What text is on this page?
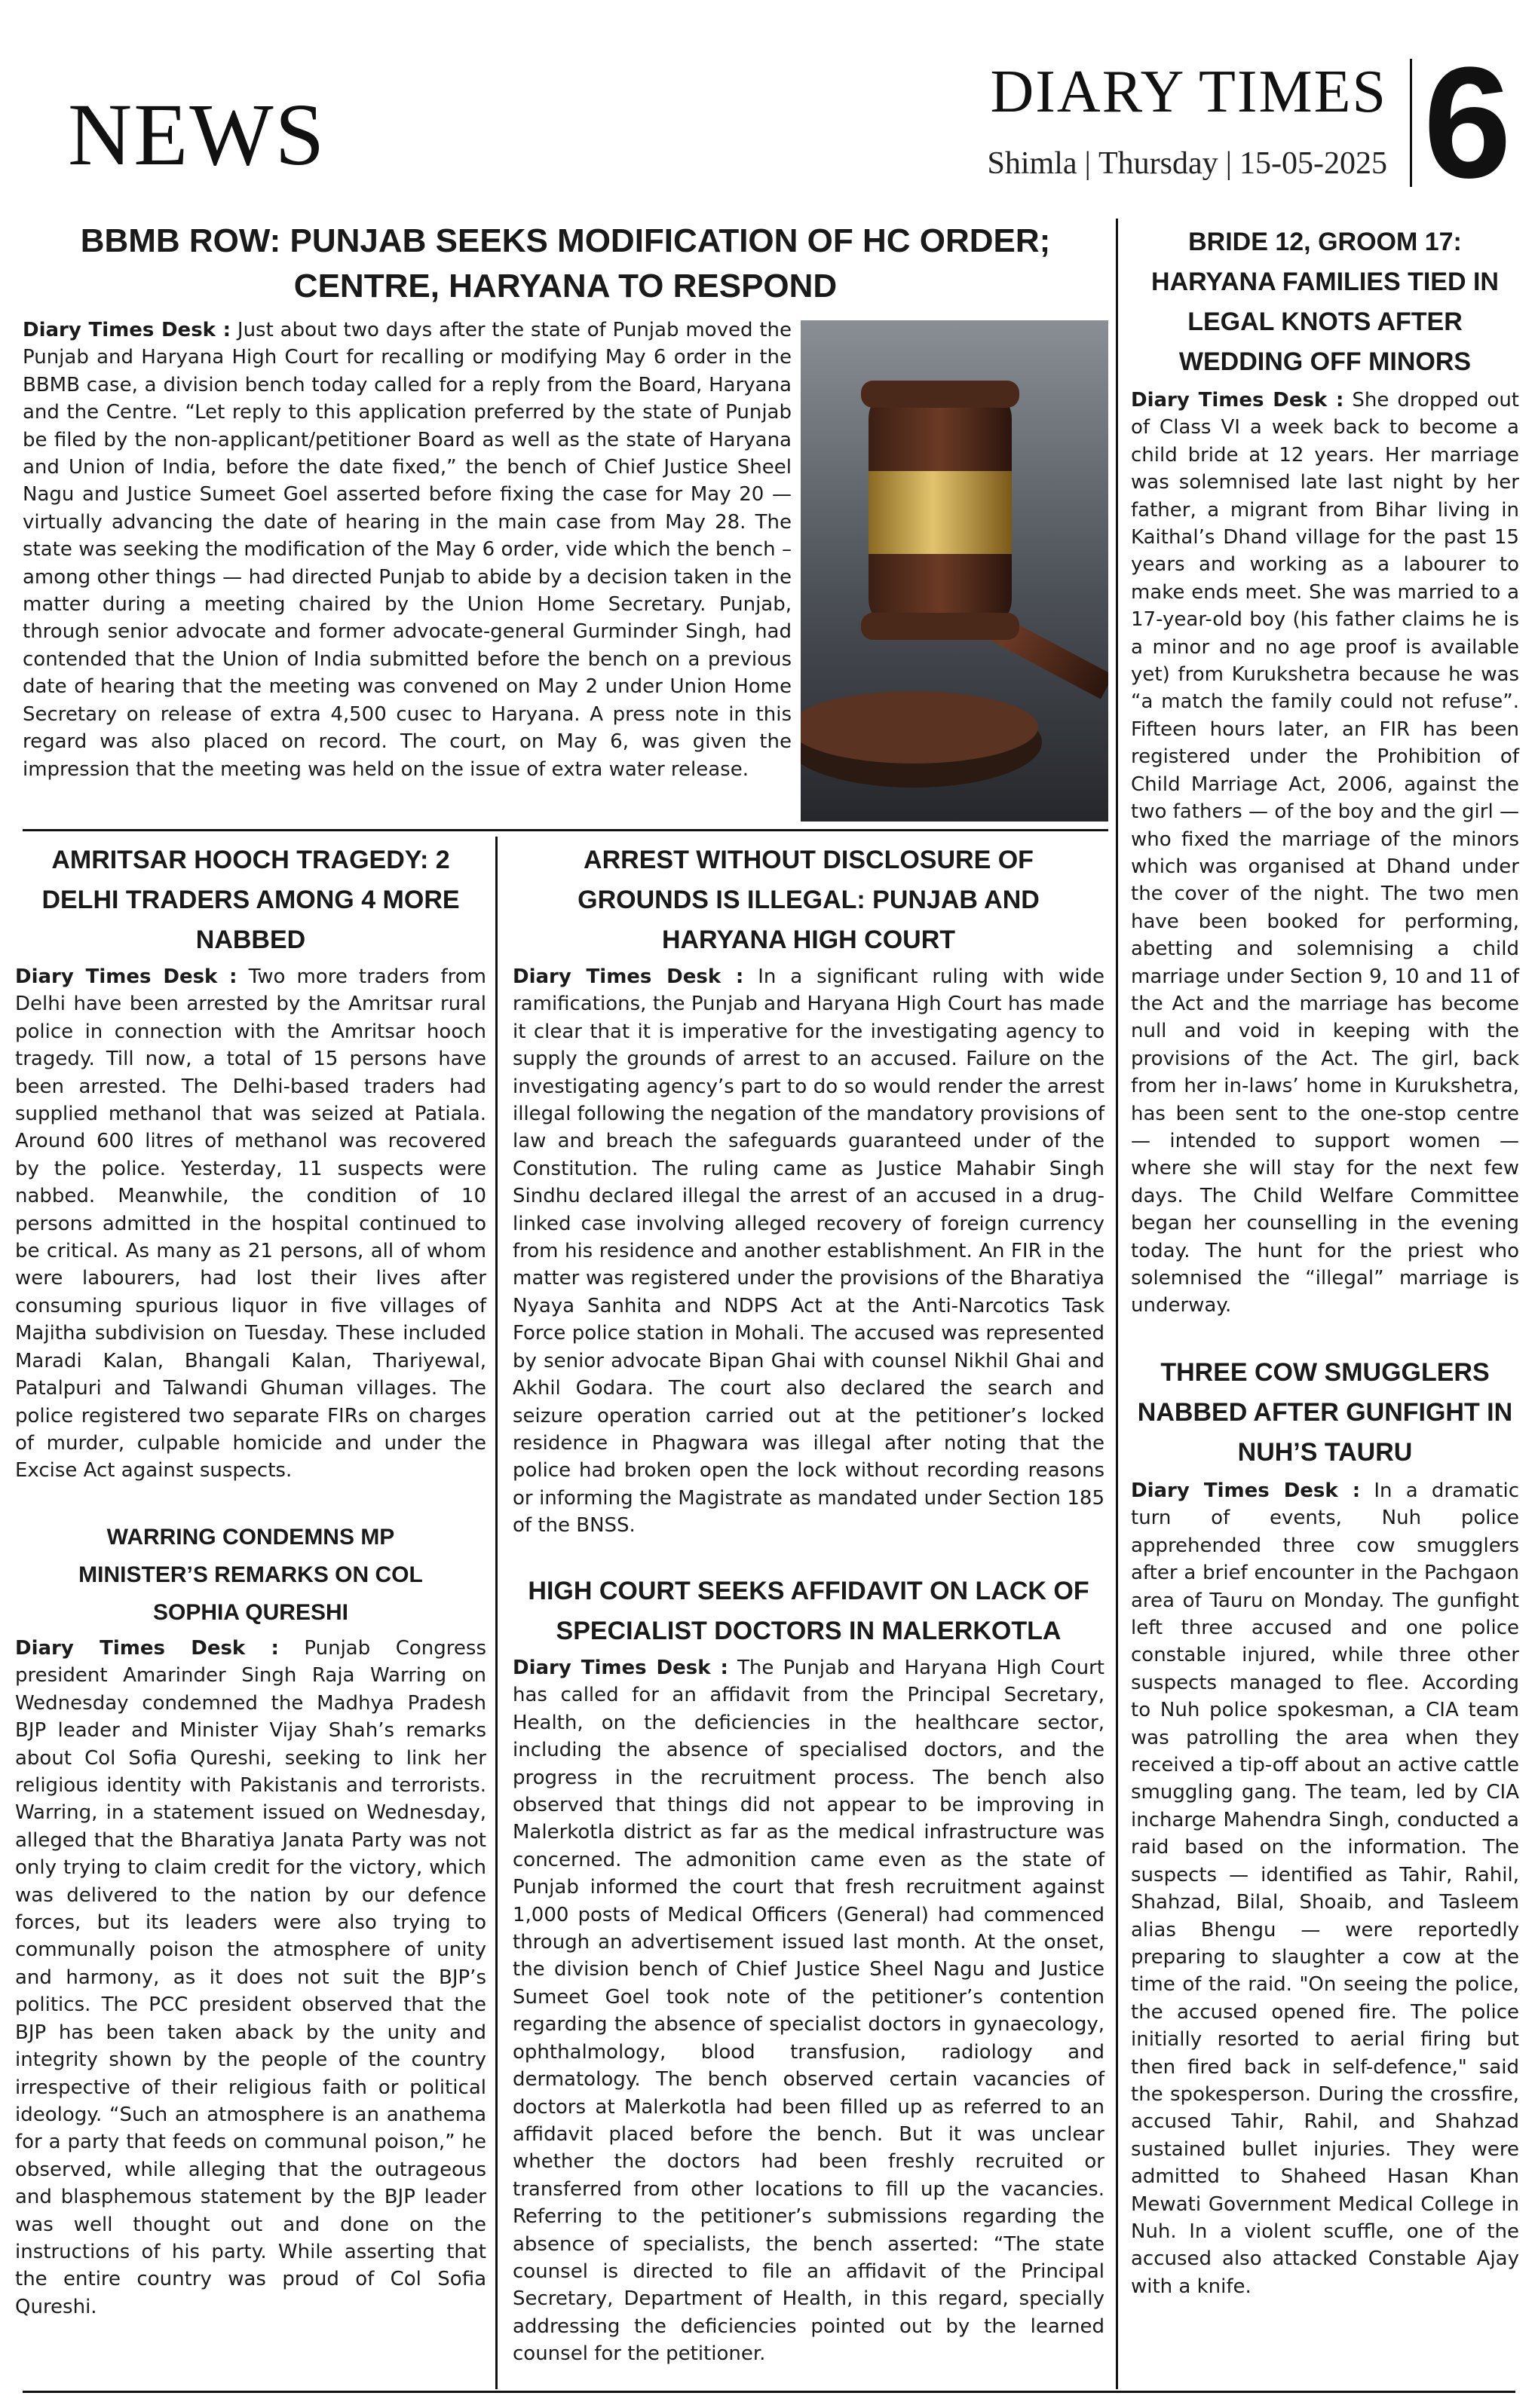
NEWS	DIARY TIMES
Shimla | Thursday | 15-05-2025 6
BBMB ROW: PUNJAB SEEKS MODIFICATION OF HC ORDER;
CENTRE, HARYANA TO RESPOND

Diary Times Desk : Just about two days after the state of Punjab moved the Punjab and Haryana High Court for recalling or modifying May 6 order in the BBMB case, a division bench today called for a reply from the Board, Haryana and the Centre. “Let reply to this application preferred by the state of Punjab be filed by the non-applicant/petitioner Board as well as the state of Haryana and Union of India, before the date fixed,” the bench of Chief Justice Sheel Nagu and Justice Sumeet Goel asserted before fixing the case for May 20 — virtually advancing the date of hearing in the main case from May 28. The state was seeking the modification of the May 6 order, vide which the bench – among other things — had directed Punjab to abide by a decision taken in the matter during a meeting chaired by the Union Home Secretary. Punjab, through senior advocate and former advocate-general Gurminder Singh, had contended that the Union of India submitted before the bench on a previous date of hearing that the meeting was convened on May 2 under Union Home Secretary on release of extra 4,500 cusec to Haryana. A press note in this regard was also placed on record. The court, on May 6, was given the impression that the meeting was held on the issue of extra water release.

BRIDE 12, GROOM 17: HARYANA FAMILIES TIED IN LEGAL KNOTS AFTER WEDDING OFF MINORS

Diary Times Desk : She dropped out of Class VI a week back to become a child bride at 12 years. Her marriage was solemnised late last night by her father, a migrant from Bihar living in Kaithal’s Dhand village for the past 15 years and working as a labourer to make ends meet. She was married to a 17-year-old boy (his father claims he is a minor and no age proof is available yet) from Kurukshetra because he was “a match the family could not refuse”. Fifteen hours later, an FIR has been registered under the Prohibition of Child Marriage Act, 2006, against the two fathers — of the boy and the girl — who fixed the marriage of the minors which was organised at Dhand under the cover of the night. The two men have been booked for performing, abetting and solemnising a child marriage under Section 9, 10 and 11 of the Act and the marriage has become null and void in keeping with the provisions of the Act. The girl, back from her in-laws’ home in Kurukshetra, has been sent to the one-stop centre — intended to support women — where she will stay for the next few days. The Child Welfare Committee began her counselling in the evening today. The hunt for the priest who solemnised the “illegal” marriage is underway.

THREE COW SMUGGLERS NABBED AFTER GUNFIGHT IN NUH’S TAURU

Diary Times Desk : In a dramatic turn of events, Nuh police apprehended three cow smugglers after a brief encounter in the Pachgaon area of Tauru on Monday. The gunfight left three accused and one police constable injured, while three other suspects managed to flee. According to Nuh police spokesman, a CIA team was patrolling the area when they received a tip-off about an active cattle smuggling gang. The team, led by CIA incharge Mahendra Singh, conducted a raid based on the information. The suspects — identified as Tahir, Rahil, Shahzad, Bilal, Shoaib, and Tasleem alias Bhengu — were reportedly preparing to slaughter a cow at the time of the raid. "On seeing the police, the accused opened fire. The police initially resorted to aerial firing but then fired back in self-defence," said the spokesperson. During the crossfire, accused Tahir, Rahil, and Shahzad sustained bullet injuries. They were admitted to Shaheed Hasan Khan Mewati Government Medical College in Nuh. In a violent scuffle, one of the accused also attacked Constable Ajay with a knife.

AMRITSAR HOOCH TRAGEDY: 2 DELHI TRADERS AMONG 4 MORE NABBED

Diary Times Desk : Two more traders from Delhi have been arrested by the Amritsar rural police in connection with the Amritsar hooch tragedy. Till now, a total of 15 persons have been arrested. The Delhi-based traders had supplied methanol that was seized at Patiala. Around 600 litres of methanol was recovered by the police. Yesterday, 11 suspects were nabbed. Meanwhile, the condition of 10 persons admitted in the hospital continued to be critical. As many as 21 persons, all of whom were labourers, had lost their lives after consuming spurious liquor in five villages of Majitha subdivision on Tuesday. These included Maradi Kalan, Bhangali Kalan, Thariyewal, Patalpuri and Talwandi Ghuman villages. The police registered two separate FIRs on charges of murder, culpable homicide and under the Excise Act against suspects.

WARRING CONDEMNS MP MINISTER’S REMARKS ON COL SOPHIA QURESHI

Diary Times Desk : Punjab Congress president Amarinder Singh Raja Warring on Wednesday condemned the Madhya Pradesh BJP leader and Minister Vijay Shah’s remarks about Col Sofia Qureshi, seeking to link her religious identity with Pakistanis and terrorists. Warring, in a statement issued on Wednesday, alleged that the Bharatiya Janata Party was not only trying to claim credit for the victory, which was delivered to the nation by our defence forces, but its leaders were also trying to communally poison the atmosphere of unity and harmony, as it does not suit the BJP’s politics. The PCC president observed that the BJP has been taken aback by the unity and integrity shown by the people of the country irrespective of their religious faith or political ideology. “Such an atmosphere is an anathema for a party that feeds on communal poison,” he observed, while alleging that the outrageous and blasphemous statement by the BJP leader was well thought out and done on the instructions of his party. While asserting that the entire country was proud of Col Sofia Qureshi.

ARREST WITHOUT DISCLOSURE OF GROUNDS IS ILLEGAL: PUNJAB AND HARYANA HIGH COURT

Diary Times Desk : In a significant ruling with wide ramifications, the Punjab and Haryana High Court has made it clear that it is imperative for the investigating agency to supply the grounds of arrest to an accused. Failure on the investigating agency’s part to do so would render the arrest illegal following the negation of the mandatory provisions of law and breach the safeguards guaranteed under of the Constitution. The ruling came as Justice Mahabir Singh Sindhu declared illegal the arrest of an accused in a drug-linked case involving alleged recovery of foreign currency from his residence and another establishment. An FIR in the matter was registered under the provisions of the Bharatiya Nyaya Sanhita and NDPS Act at the Anti-Narcotics Task Force police station in Mohali. The accused was represented by senior advocate Bipan Ghai with counsel Nikhil Ghai and Akhil Godara. The court also declared the search and seizure operation carried out at the petitioner’s locked residence in Phagwara was illegal after noting that the police had broken open the lock without recording reasons or informing the Magistrate as mandated under Section 185 of the BNSS.

HIGH COURT SEEKS AFFIDAVIT ON LACK OF SPECIALIST DOCTORS IN MALERKOTLA

Diary Times Desk : The Punjab and Haryana High Court has called for an affidavit from the Principal Secretary, Health, on the deficiencies in the healthcare sector, including the absence of specialised doctors, and the progress in the recruitment process. The bench also observed that things did not appear to be improving in Malerkotla district as far as the medical infrastructure was concerned. The admonition came even as the state of Punjab informed the court that fresh recruitment against 1,000 posts of Medical Officers (General) had commenced through an advertisement issued last month. At the onset, the division bench of Chief Justice Sheel Nagu and Justice Sumeet Goel took note of the petitioner’s contention regarding the absence of specialist doctors in gynaecology, ophthalmology, blood transfusion, radiology and dermatology. The bench observed certain vacancies of doctors at Malerkotla had been filled up as referred to an affidavit placed before the bench. But it was unclear whether the doctors had been freshly recruited or transferred from other locations to fill up the vacancies. Referring to the petitioner’s submissions regarding the absence of specialists, the bench asserted: “The state counsel is directed to file an affidavit of the Principal Secretary, Department of Health, in this regard, specially addressing the deficiencies pointed out by the learned counsel for the petitioner.
